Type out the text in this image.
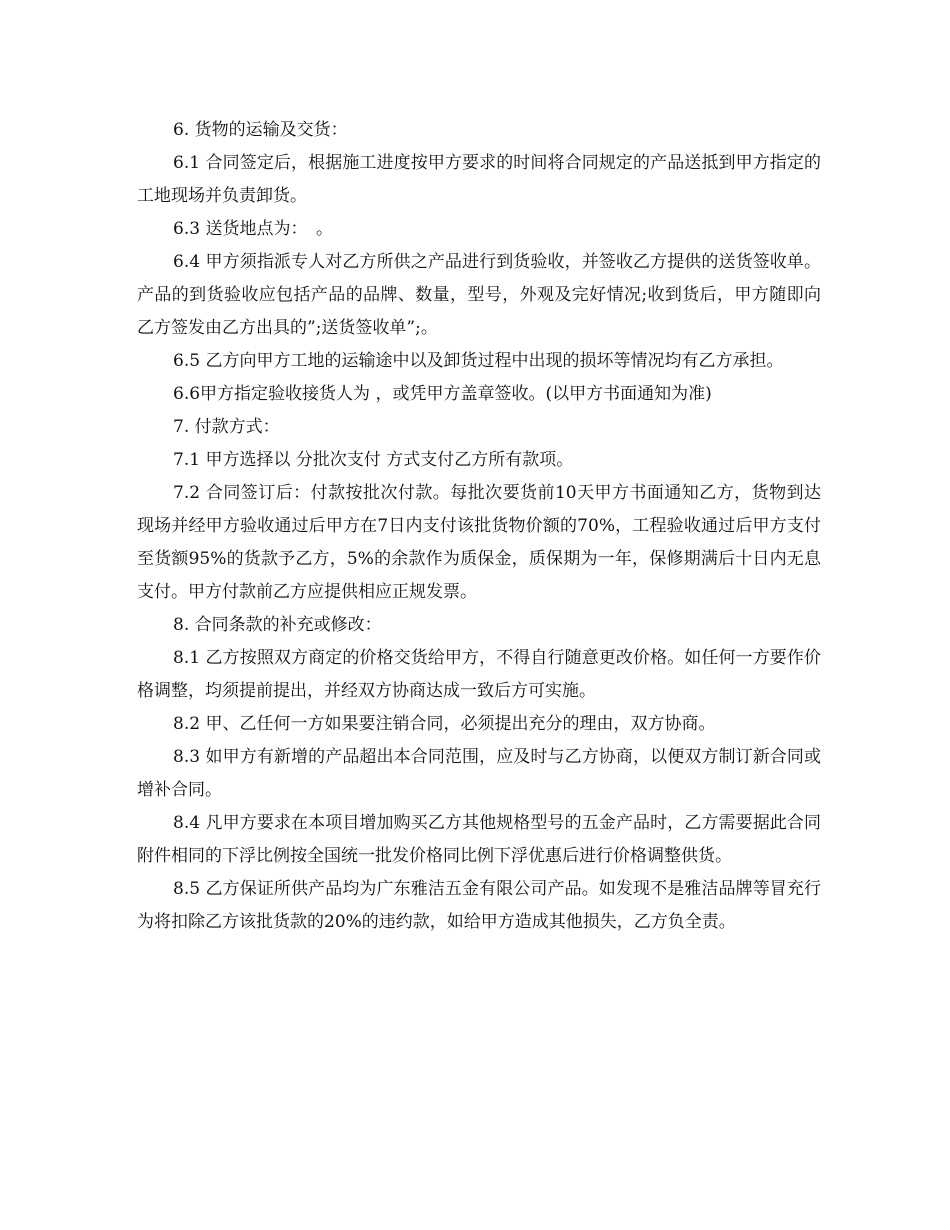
6. 货物的运输及交货：

6.1 合同签定后，根据施工进度按甲方要求的时间将合同规定的产品送抵到甲方指定的工地现场并负责卸货。

6.3 送货地点为：　。

6.4 甲方须指派专人对乙方所供之产品进行到货验收，并签收乙方提供的送货签收单。产品的到货验收应包括产品的品牌、数量，型号，外观及完好情况;收到货后，甲方随即向乙方签发由乙方出具的”;送货签收单”;。

6.5 乙方向甲方工地的运输途中以及卸货过程中出现的损坏等情况均有乙方承担。

6.6甲方指定验收接货人为 ，或凭甲方盖章签收。(以甲方书面通知为准)

7. 付款方式：

7.1 甲方选择以 分批次支付 方式支付乙方所有款项。

7.2 合同签订后：付款按批次付款。每批次要货前10天甲方书面通知乙方，货物到达现场并经甲方验收通过后甲方在7日内支付该批货物价额的70%，工程验收通过后甲方支付至货额95%的货款予乙方，5%的余款作为质保金，质保期为一年，保修期满后十日内无息支付。甲方付款前乙方应提供相应正规发票。

8. 合同条款的补充或修改：

8.1 乙方按照双方商定的价格交货给甲方，不得自行随意更改价格。如任何一方要作价格调整，均须提前提出，并经双方协商达成一致后方可实施。

8.2 甲、乙任何一方如果要注销合同，必须提出充分的理由，双方协商。

8.3 如甲方有新增的产品超出本合同范围，应及时与乙方协商，以便双方制订新合同或增补合同。

8.4 凡甲方要求在本项目增加购买乙方其他规格型号的五金产品时，乙方需要据此合同附件相同的下浮比例按全国统一批发价格同比例下浮优惠后进行价格调整供货。

8.5 乙方保证所供产品均为广东雅洁五金有限公司产品。如发现不是雅洁品牌等冒充行为将扣除乙方该批货款的20%的违约款，如给甲方造成其他损失，乙方负全责。
